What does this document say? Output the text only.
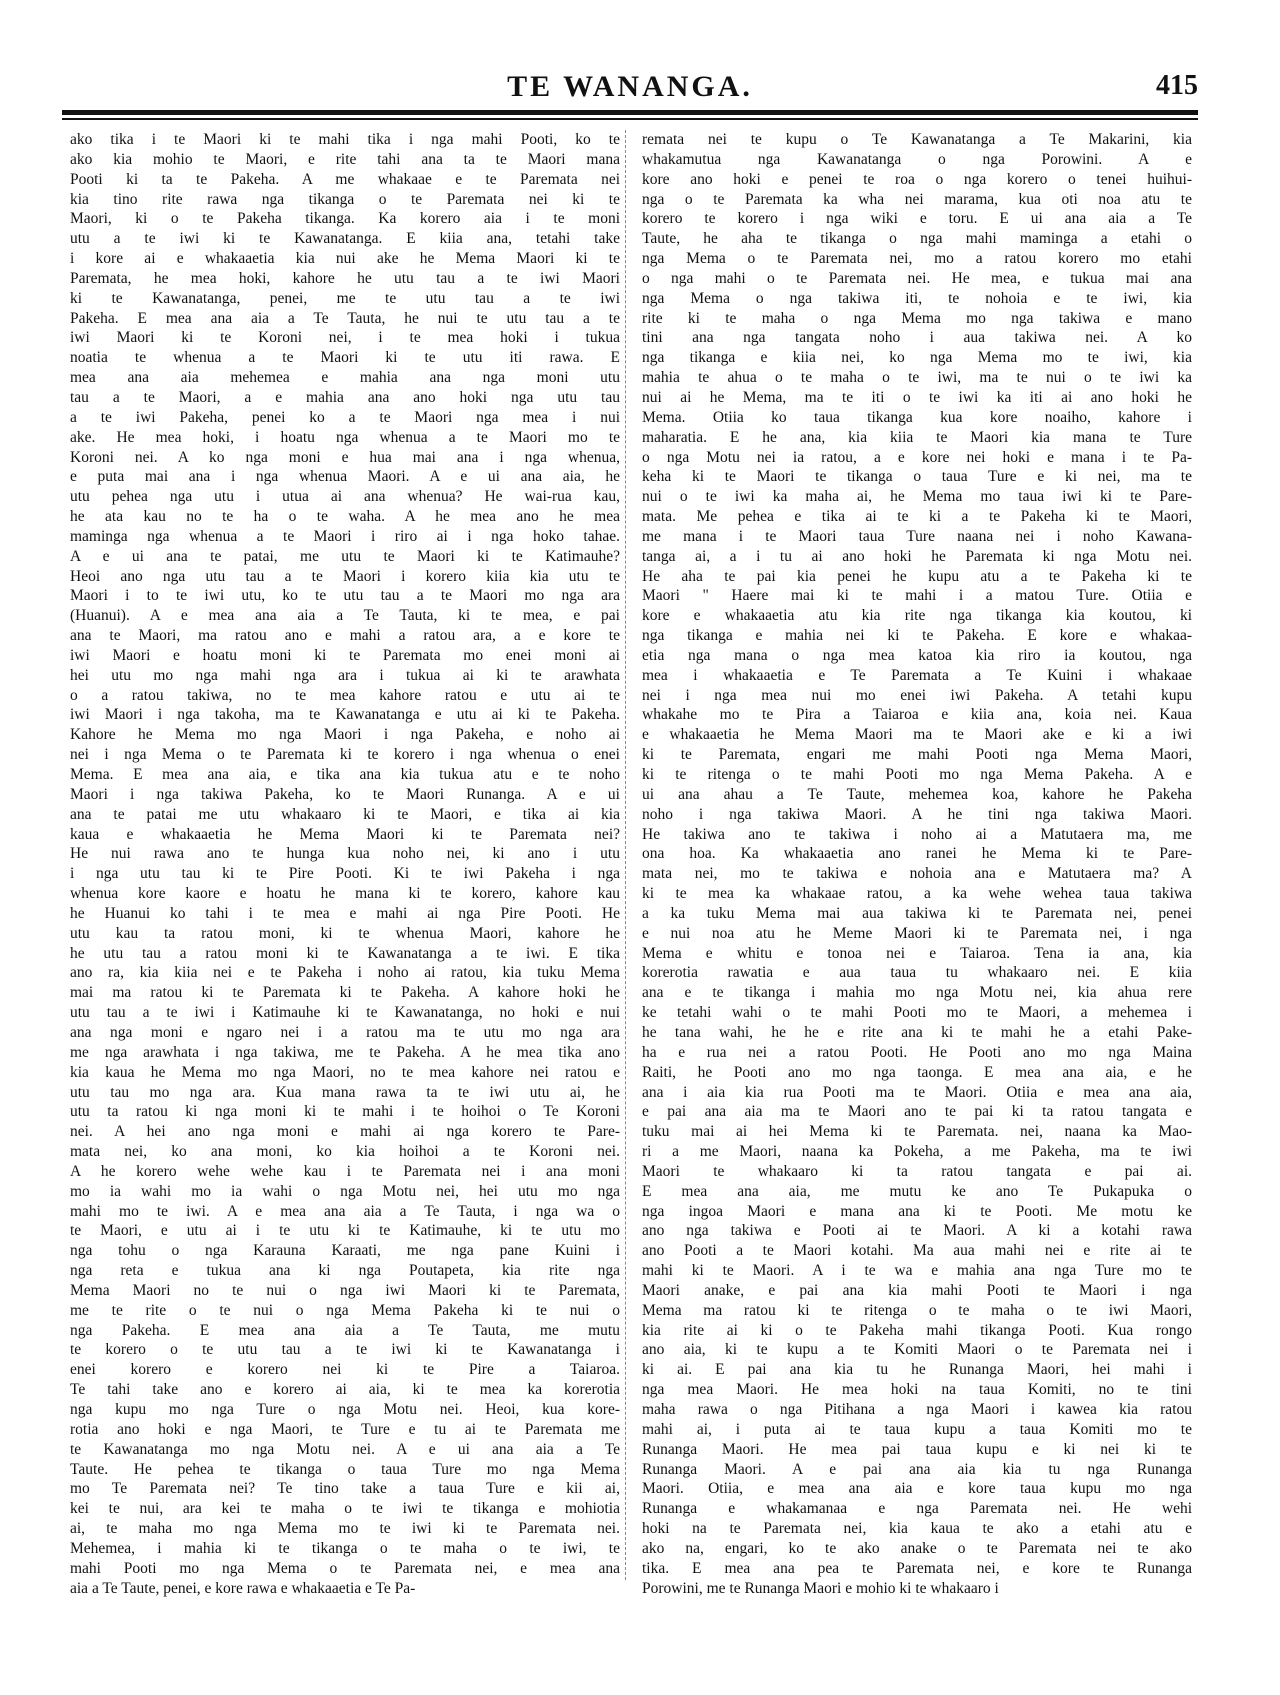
TE WANANGA.	415
ako tika i te Maori ki te mahi tika i nga mahi Pooti, ko te
ako kia mohio te Maori, e rite tahi ana ta te Maori mana
Pooti ki ta te Pakeha. A me whakaae e te Paremata nei
kia tino rite rawa nga tikanga o te Paremata nei ki te
Maori, ki o te Pakeha tikanga. Ka korero aia i te moni
utu a te iwi ki te Kawanatanga. E kiia ana, tetahi take
i kore ai e whakaaetia kia nui ake he Mema Maori ki te
Paremata, he mea hoki, kahore he utu tau a te iwi Maori
ki te Kawanatanga, penei, me te utu tau a te iwi
Pakeha. E mea ana aia a Te Tauta, he nui te utu tau a te
iwi Maori ki te Koroni nei, i te mea hoki i tukua
noatia te whenua a te Maori ki te utu iti rawa. E
mea ana aia mehemea e mahia ana nga moni utu
tau a te Maori, a e mahia ana ano hoki nga utu tau
a te iwi Pakeha, penei ko a te Maori nga mea i nui
ake. He mea hoki, i hoatu nga whenua a te Maori mo te
Koroni nei. A ko nga moni e hua mai ana i nga whenua,
e puta mai ana i nga whenua Maori. A e ui ana aia, he
utu pehea nga utu i utua ai ana whenua? He wai-rua kau,
he ata kau no te ha o te waha. A he mea ano he mea
maminga nga whenua a te Maori i riro ai i nga hoko tahae.
A e ui ana te patai, me utu te Maori ki te Katimauhe?
Heoi ano nga utu tau a te Maori i korero kiia kia utu te
Maori i to te iwi utu, ko te utu tau a te Maori mo nga ara
(Huanui). A e mea ana aia a Te Tauta, ki te mea, e pai
ana te Maori, ma ratou ano e mahi a ratou ara, a e kore te
iwi Maori e hoatu moni ki te Paremata mo enei moni ai
hei utu mo nga mahi nga ara i tukua ai ki te arawhata
o a ratou takiwa, no te mea kahore ratou e utu ai te
iwi Maori i nga takoha, ma te Kawanatanga e utu ai ki te Pakeha.
Kahore he Mema mo nga Maori i nga Pakeha, e noho ai
nei i nga Mema o te Paremata ki te korero i nga whenua o enei
Mema. E mea ana aia, e tika ana kia tukua atu e te noho
Maori i nga takiwa Pakeha, ko te Maori Runanga. A e ui
ana te patai me utu whakaaro ki te Maori, e tika ai kia
kaua e whakaaetia he Mema Maori ki te Paremata nei?
He nui rawa ano te hunga kua noho nei, ki ano i utu
i nga utu tau ki te Pire Pooti. Ki te iwi Pakeha i nga
whenua kore kaore e hoatu he mana ki te korero, kahore kau
he Huanui ko tahi i te mea e mahi ai nga Pire Pooti. He
utu kau ta ratou moni, ki te whenua Maori, kahore he
he utu tau a ratou moni ki te Kawanatanga a te iwi. E tika
ano ra, kia kiia nei e te Pakeha i noho ai ratou, kia tuku Mema
mai ma ratou ki te Paremata ki te Pakeha. A kahore hoki he
utu tau a te iwi i Katimauhe ki te Kawanatanga, no hoki e nui
ana nga moni e ngaro nei i a ratou ma te utu mo nga ara
me nga arawhata i nga takiwa, me te Pakeha. A he mea tika ano
kia kaua he Mema mo nga Maori, no te mea kahore nei ratou e
utu tau mo nga ara. Kua mana rawa ta te iwi utu ai, he
utu ta ratou ki nga moni ki te mahi i te hoihoi o Te Koroni
nei. A hei ano nga moni e mahi ai nga korero te Pare-
mata nei, ko ana moni, ko kia hoihoi a te Koroni nei.
A he korero wehe wehe kau i te Paremata nei i ana moni
mo ia wahi mo ia wahi o nga Motu nei, hei utu mo nga
mahi mo te iwi. A e mea ana aia a Te Tauta, i nga wa o
te Maori, e utu ai i te utu ki te Katimauhe, ki te utu mo
nga tohu o nga Karauna Karaati, me nga pane Kuini i
nga reta e tukua ana ki nga Poutapeta, kia rite nga
Mema Maori no te nui o nga iwi Maori ki te Paremata,
me te rite o te nui o nga Mema Pakeha ki te nui o
nga Pakeha. E mea ana aia a Te Tauta, me mutu
te korero o te utu tau a te iwi ki te Kawanatanga i
enei korero e korero nei ki te Pire a Taiaroa.
Te tahi take ano e korero ai aia, ki te mea ka korerotia
nga kupu mo nga Ture o nga Motu nei. Heoi, kua kore-
rotia ano hoki e nga Maori, te Ture e tu ai te Paremata me
te Kawanatanga mo nga Motu nei. A e ui ana aia a Te
Taute. He pehea te tikanga o taua Ture mo nga Mema
mo Te Paremata nei? Te tino take a taua Ture e kii ai,
kei te nui, ara kei te maha o te iwi te tikanga e mohiotia
ai, te maha mo nga Mema mo te iwi ki te Paremata nei.
Mehemea, i mahia ki te tikanga o te maha o te iwi, te
mahi Pooti mo nga Mema o te Paremata nei, e mea ana
aia a Te Taute, penei, e kore rawa e whakaaetia e Te Pa-
remata nei te kupu o Te Kawanatanga a Te Makarini, kia
whakamutua nga Kawanatanga o nga Porowini. A e
kore ano hoki e penei te roa o nga korero o tenei huihui-
nga o te Paremata ka wha nei marama, kua oti noa atu te
korero te korero i nga wiki e toru. E ui ana aia a Te
Taute, he aha te tikanga o nga mahi maminga a etahi o
nga Mema o te Paremata nei, mo a ratou korero mo etahi
o nga mahi o te Paremata nei. He mea, e tukua mai ana
nga Mema o nga takiwa iti, te nohoia e te iwi, kia
rite ki te maha o nga Mema mo nga takiwa e mano
tini ana nga tangata noho i aua takiwa nei. A ko
nga tikanga e kiia nei, ko nga Mema mo te iwi, kia
mahia te ahua o te maha o te iwi, ma te nui o te iwi ka
nui ai he Mema, ma te iti o te iwi ka iti ai ano hoki he
Mema. Otiia ko taua tikanga kua kore noaiho, kahore i
maharatia. E he ana, kia kiia te Maori kia mana te Ture
o nga Motu nei ia ratou, a e kore nei hoki e mana i te Pa-
keha ki te Maori te tikanga o taua Ture e ki nei, ma te
nui o te iwi ka maha ai, he Mema mo taua iwi ki te Pare-
mata. Me pehea e tika ai te ki a te Pakeha ki te Maori,
me mana i te Maori taua Ture naana nei i noho Kawana-
tanga ai, a i tu ai ano hoki he Paremata ki nga Motu nei.
He aha te pai kia penei he kupu atu a te Pakeha ki te
Maori " Haere mai ki te mahi i a matou Ture. Otiia e
kore e whakaaetia atu kia rite nga tikanga kia koutou, ki
nga tikanga e mahia nei ki te Pakeha. E kore e whakaa-
etia nga mana o nga mea katoa kia riro ia koutou, nga
mea i whakaaetia e Te Paremata a Te Kuini i whakaae
nei i nga mea nui mo enei iwi Pakeha. A tetahi kupu
whakahe mo te Pira a Taiaroa e kiia ana, koia nei. Kaua
e whakaaetia he Mema Maori ma te Maori ake e ki a iwi
ki te Paremata, engari me mahi Pooti nga Mema Maori,
ki te ritenga o te mahi Pooti mo nga Mema Pakeha. A e
ui ana ahau a Te Taute, mehemea koa, kahore he Pakeha
noho i nga takiwa Maori. A he tini nga takiwa Maori.
He takiwa ano te takiwa i noho ai a Matutaera ma, me
ona hoa. Ka whakaaetia ano ranei he Mema ki te Pare-
mata nei, mo te takiwa e nohoia ana e Matutaera ma? A
ki te mea ka whakaae ratou, a ka wehe wehea taua takiwa
a ka tuku Mema mai aua takiwa ki te Paremata nei, penei
e nui noa atu he Meme Maori ki te Paremata nei, i nga
Mema e whitu e tonoa nei e Taiaroa. Tena ia ana, kia
korerotia rawatia e aua taua tu whakaaro nei. E kiia
ana e te tikanga i mahia mo nga Motu nei, kia ahua rere
ke tetahi wahi o te mahi Pooti mo te Maori, a mehemea i
he tana wahi, he he e rite ana ki te mahi he a etahi Pake-
ha e rua nei a ratou Pooti. He Pooti ano mo nga Maina
Raiti, he Pooti ano mo nga taonga. E mea ana aia, e he
ana i aia kia rua Pooti ma te Maori. Otiia e mea ana aia,
e pai ana aia ma te Maori ano te pai ki ta ratou tangata e
tuku mai ai hei Mema ki te Paremata. nei, naana ka Mao-
ri a me Maori, naana ka Pokeha, a me Pakeha, ma te iwi
Maori te whakaaro ki ta ratou tangata e pai ai.
E mea ana aia, me mutu ke ano Te Pukapuka o
nga ingoa Maori e mana ana ki te Pooti. Me motu ke
ano nga takiwa e Pooti ai te Maori. A ki a kotahi rawa
ano Pooti a te Maori kotahi. Ma aua mahi nei e rite ai te
mahi ki te Maori. A i te wa e mahia ana nga Ture mo te
Maori anake, e pai ana kia mahi Pooti te Maori i nga
Mema ma ratou ki te ritenga o te maha o te iwi Maori,
kia rite ai ki o te Pakeha mahi tikanga Pooti. Kua rongo
ano aia, ki te kupu a te Komiti Maori o te Paremata nei i
ki ai. E pai ana kia tu he Runanga Maori, hei mahi i
nga mea Maori. He mea hoki na taua Komiti, no te tini
maha rawa o nga Pitihana a nga Maori i kawea kia ratou
mahi ai, i puta ai te taua kupu a taua Komiti mo te
Runanga Maori. He mea pai taua kupu e ki nei ki te
Runanga Maori. A e pai ana aia kia tu nga Runanga
Maori. Otiia, e mea ana aia e kore taua kupu mo nga
Runanga e whakamanaa e nga Paremata nei. He wehi
hoki na te Paremata nei, kia kaua te ako a etahi atu e
ako na, engari, ko te ako anake o te Paremata nei te ako
tika. E mea ana pea te Paremata nei, e kore te Runanga
Porowini, me te Runanga Maori e mohio ki te whakaaro i
